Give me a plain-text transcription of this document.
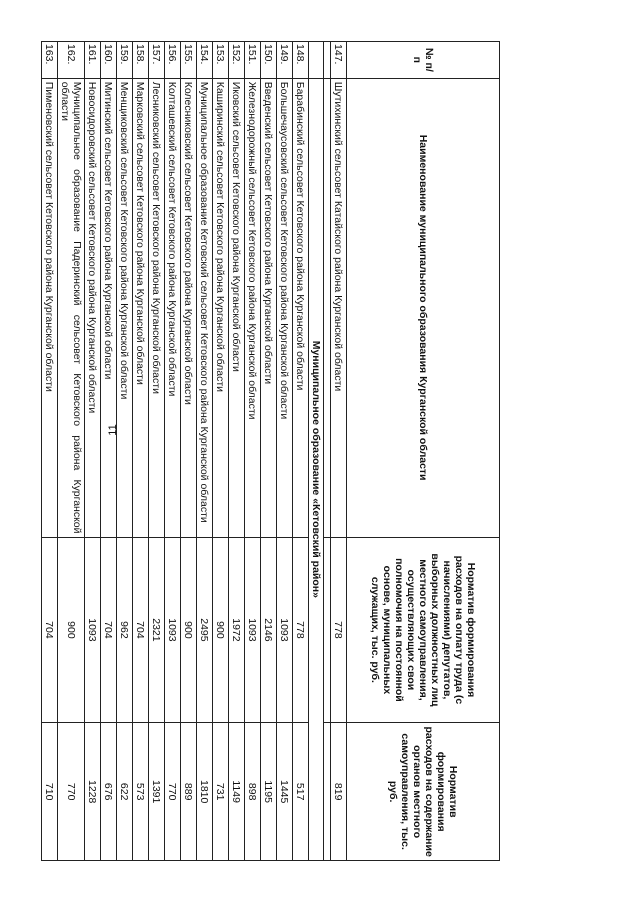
11
№ п/п	Наименование муниципального образования Курганской области	Норматив формирования расходов на оплату труда (с начислениями) депутатов, выборных должностных лиц местного самоуправления, осуществляющих свои полномочия на постоянной основе, муниципальных служащих, тыс. руб.	Норматив формирования расходов на содержание органов местного самоуправления, тыс. руб.
147.	Шутихинский сельсовет Катайского района Курганской области	778	819

	Муниципальное образование «Кетовский район»		
148.	Барабинский сельсовет Кетовского района Курганской области	778	517
149.	Большечаусовский сельсовет Кетовского района Курганской области	1093	1445
150.	Введенский сельсовет Кетовского района Курганской области	2146	1195
151.	Железнодорожный сельсовет Кетовского района Курганской области	1093	898
152.	Иковский сельсовет Кетовского района Курганской области	1972	1149
153.	Каширинский сельсовет Кетовского района Курганской области	900	731
154.	Муниципальное образование Кетовский сельсовет Кетовского района Курганской области	2495	1810
155.	Колесниковский сельсовет Кетовского района Курганской области	900	889
156.	Колташевский сельсовет Кетовского района Курганской области	1093	770
157.	Лесниковский сельсовет Кетовского района Курганской области	2321	1391
158.	Марковский сельсовет Кетовского района Курганской области	704	573
159.	Менщиковский сельсовет Кетовского района Курганской области	962	622
160.	Митинский сельсовет Кетовского района Курганской области	704	676
161.	Новосидоровский сельсовет Кетовского района Курганской области	1093	1228
162.	Муниципальное образование Падеринский сельсовет Кетовского района Курганской области	900	770
163.	Пименовский сельсовет Кетовского района Курганской области	704	710
